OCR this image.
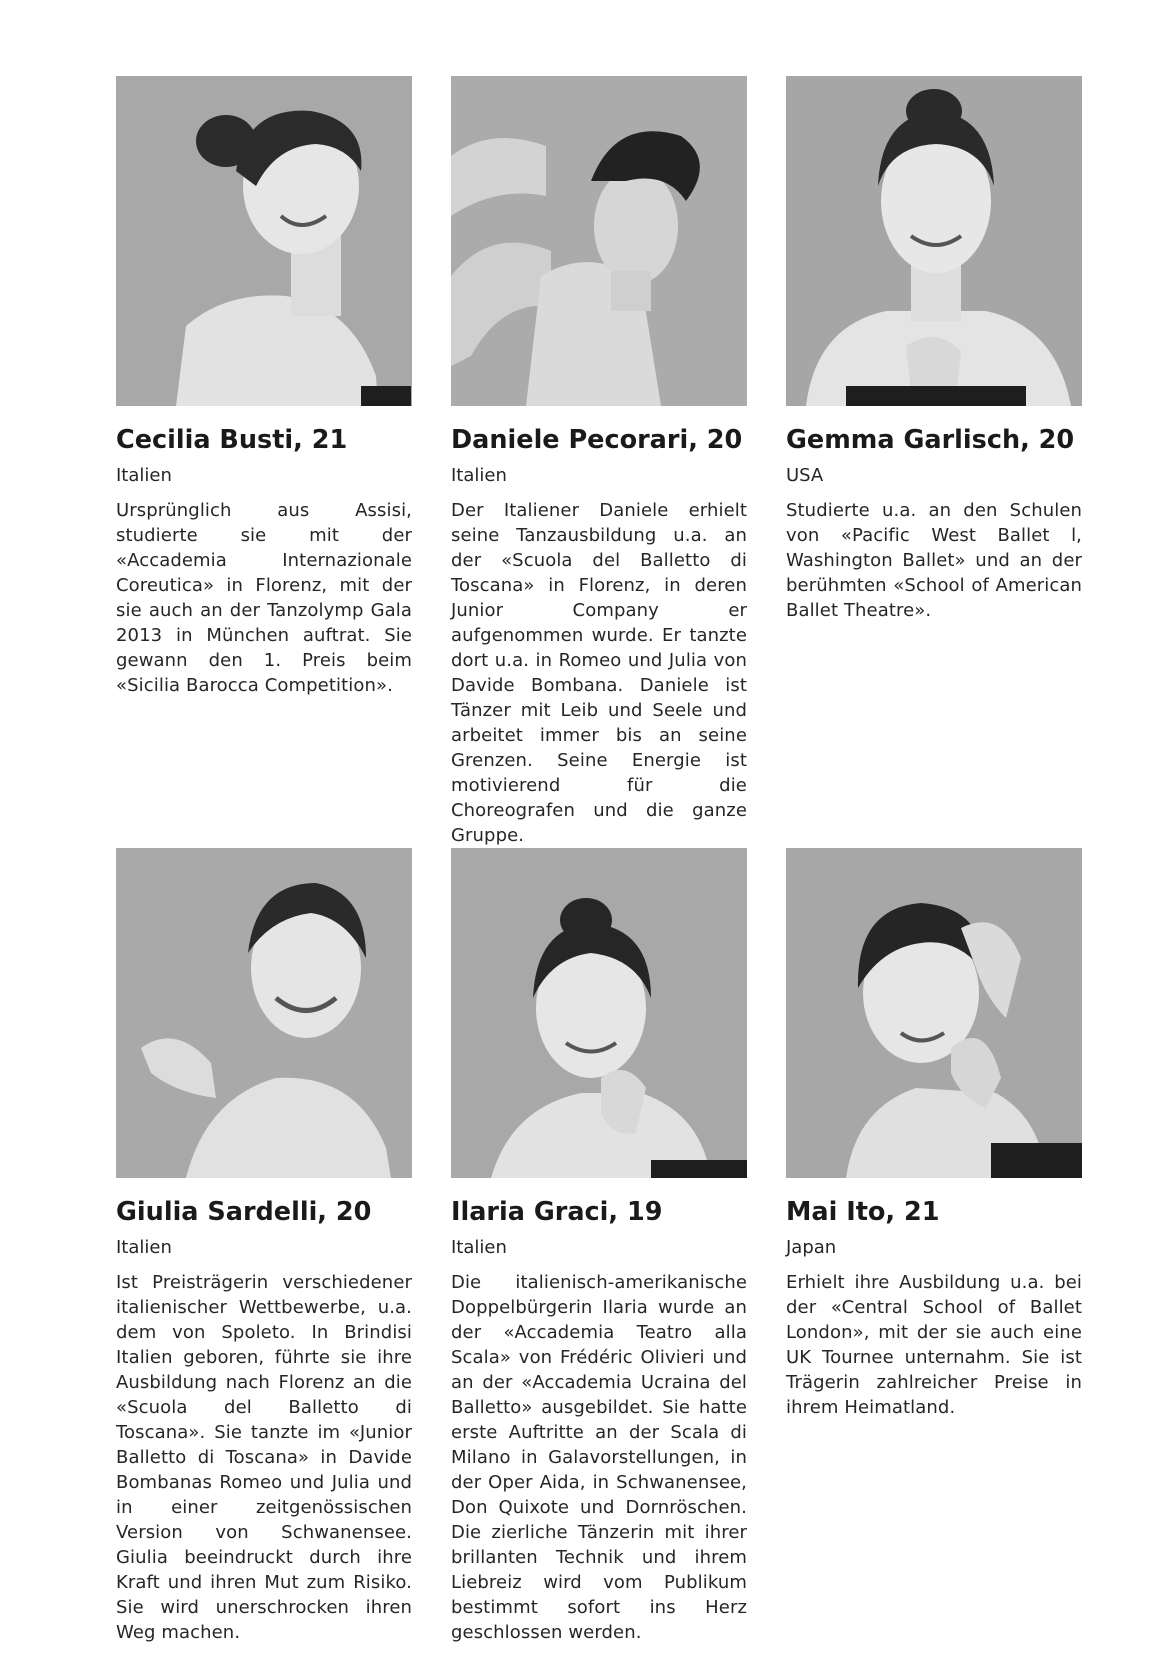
Cecilia Busti, 21
Italien
Ursprünglich aus Assisi, studierte sie mit der «Accademia Internazionale Coreutica» in Florenz, mit der sie auch an der Tanzolymp Gala 2013 in München auftrat. Sie gewann den 1. Preis beim «Sicilia Barocca Competition».
Daniele Pecorari, 20
Italien
Der Italiener Daniele erhielt seine Tanzausbildung u.a. an der «Scuola del Balletto di Toscana» in Florenz, in deren Junior Company er aufgenommen wurde. Er tanzte dort u.a. in Romeo und Julia von Davide Bombana. Daniele ist Tänzer mit Leib und Seele und arbeitet immer bis an seine Grenzen. Seine Energie ist motivierend für die Choreografen und die ganze Gruppe.
Gemma Garlisch, 20
USA
Studierte u.a. an den Schulen von «Pacific West Ballet l, Washington Ballet» und an der berühmten «School of American Ballet Theatre».
Giulia Sardelli, 20
Italien
Ist Preisträgerin verschiedener italienischer Wettbewerbe, u.a. dem von Spoleto. In Brindisi Italien geboren, führte sie ihre Ausbildung nach Florenz an die «Scuola del Balletto di Toscana». Sie tanzte im «Junior Balletto di Toscana» in Davide Bombanas Romeo und Julia und in einer zeitgenössischen Version von Schwanensee. Giulia beeindruckt durch ihre Kraft und ihren Mut zum Risiko. Sie wird unerschrocken ihren Weg machen.
Ilaria Graci, 19
Italien
Die italienisch-amerikanische Doppelbürgerin Ilaria wurde an der «Accademia Teatro alla Scala» von Frédéric Olivieri und an der «Accademia Ucraina del Balletto» ausgebildet. Sie hatte erste Auftritte an der Scala di Milano in Galavorstellungen, in der Oper Aida, in Schwanensee, Don Quixote und Dornröschen. Die zierliche Tänzerin mit ihrer brillanten Technik und ihrem Liebreiz wird vom Publikum bestimmt sofort ins Herz geschlossen werden.
Mai Ito, 21
Japan
Erhielt ihre Ausbildung u.a. bei der «Central School of Ballet London», mit der sie auch eine UK Tournee unternahm. Sie ist Trägerin zahlreicher Preise in ihrem Heimatland.
